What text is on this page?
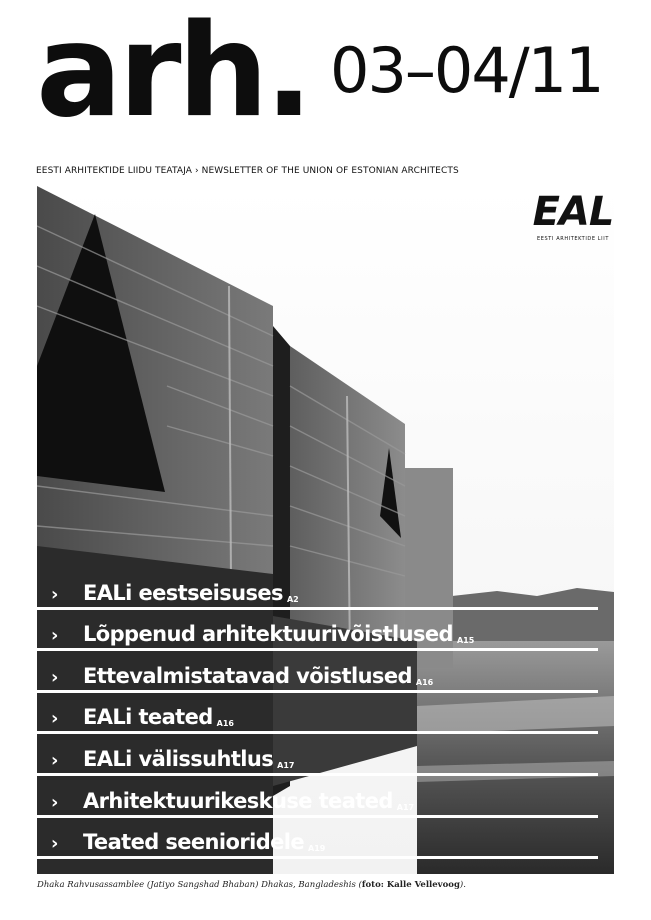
arh. 03–04/11
EESTI ARHITEKTIDE LIIDU TEATAJA › NEWSLETTER OF THE UNION OF ESTONIAN ARCHITECTS
EAL
EESTI ARHITEKTIDE LIIT
›	EALi eestseisuses A2
›	Lõppenud arhitektuurivõistlused A15
›	Ettevalmistatavad võistlused A16
›	EALi teated A16
›	EALi välissuhtlus A17
›	Arhitektuurikeskuse teated A17
›	Teated seenioridele A19
Dhaka Rahvusassamblee (Jatiyo Sangshad Bhaban) Dhakas, Bangladeshis (foto: Kalle Vellevoog).
